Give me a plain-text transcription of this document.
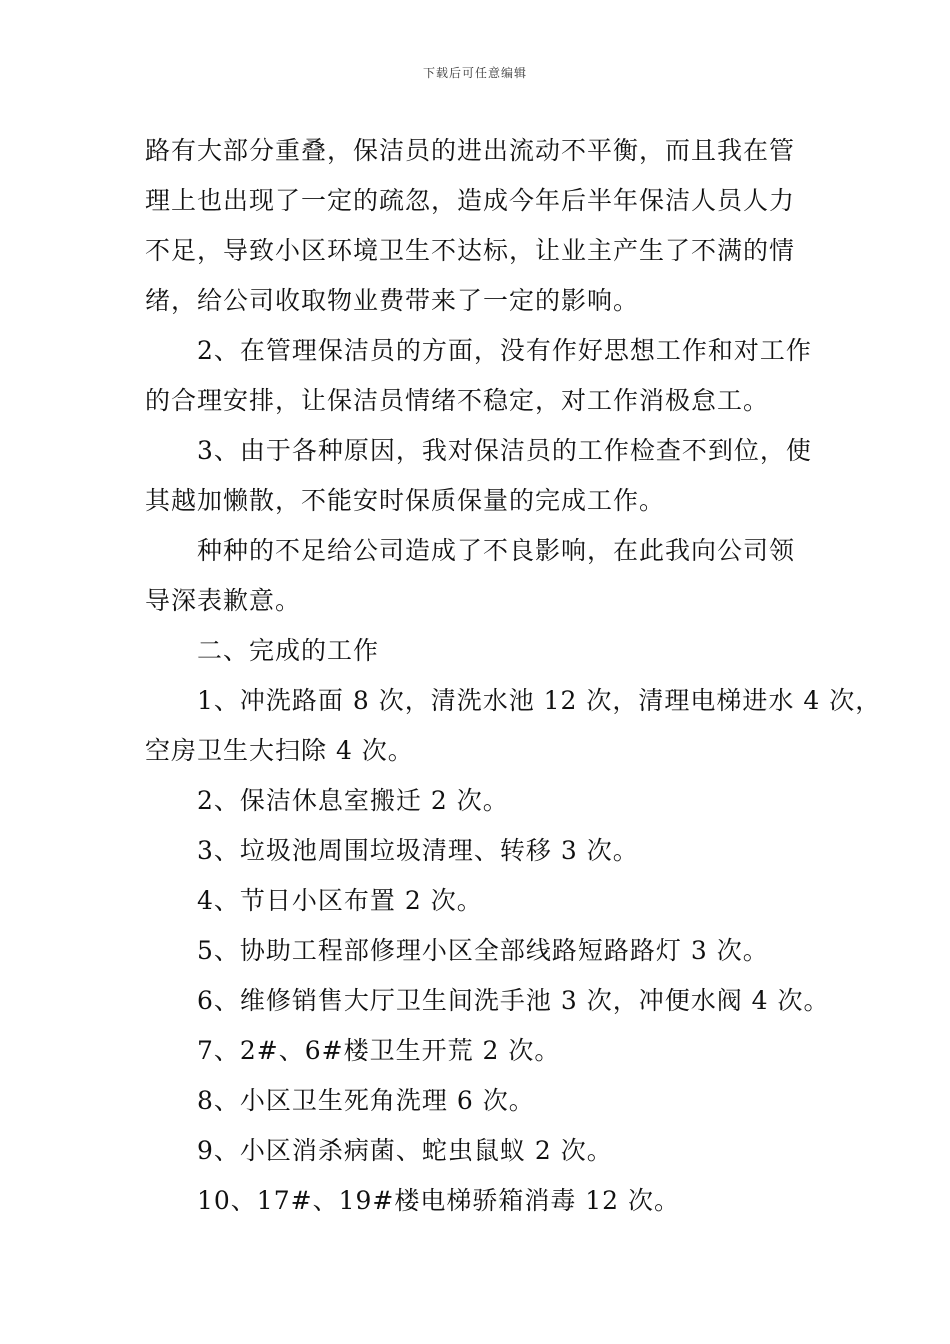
下载后可任意编辑
路有大部分重叠，保洁员的进出流动不平衡，而且我在管
理上也出现了一定的疏忽，造成今年后半年保洁人员人力
不足，导致小区环境卫生不达标，让业主产生了不满的情
绪，给公司收取物业费带来了一定的影响。
2、在管理保洁员的方面，没有作好思想工作和对工作
的合理安排，让保洁员情绪不稳定，对工作消极怠工。
3、由于各种原因，我对保洁员的工作检查不到位，使
其越加懒散，不能安时保质保量的完成工作。
种种的不足给公司造成了不良影响，在此我向公司领
导深表歉意。
二、完成的工作
1、冲洗路面 8 次，清洗水池 12 次，清理电梯进水 4 次，
空房卫生大扫除 4 次。
2、保洁休息室搬迁 2 次。
3、垃圾池周围垃圾清理、转移 3 次。
4、节日小区布置 2 次。
5、协助工程部修理小区全部线路短路路灯 3 次。
6、维修销售大厅卫生间洗手池 3 次，冲便水阀 4 次。
7、2#、6#楼卫生开荒 2 次。
8、小区卫生死角洗理 6 次。
9、小区消杀病菌、蛇虫鼠蚁 2 次。
10、17#、19#楼电梯骄箱消毒 12 次。
